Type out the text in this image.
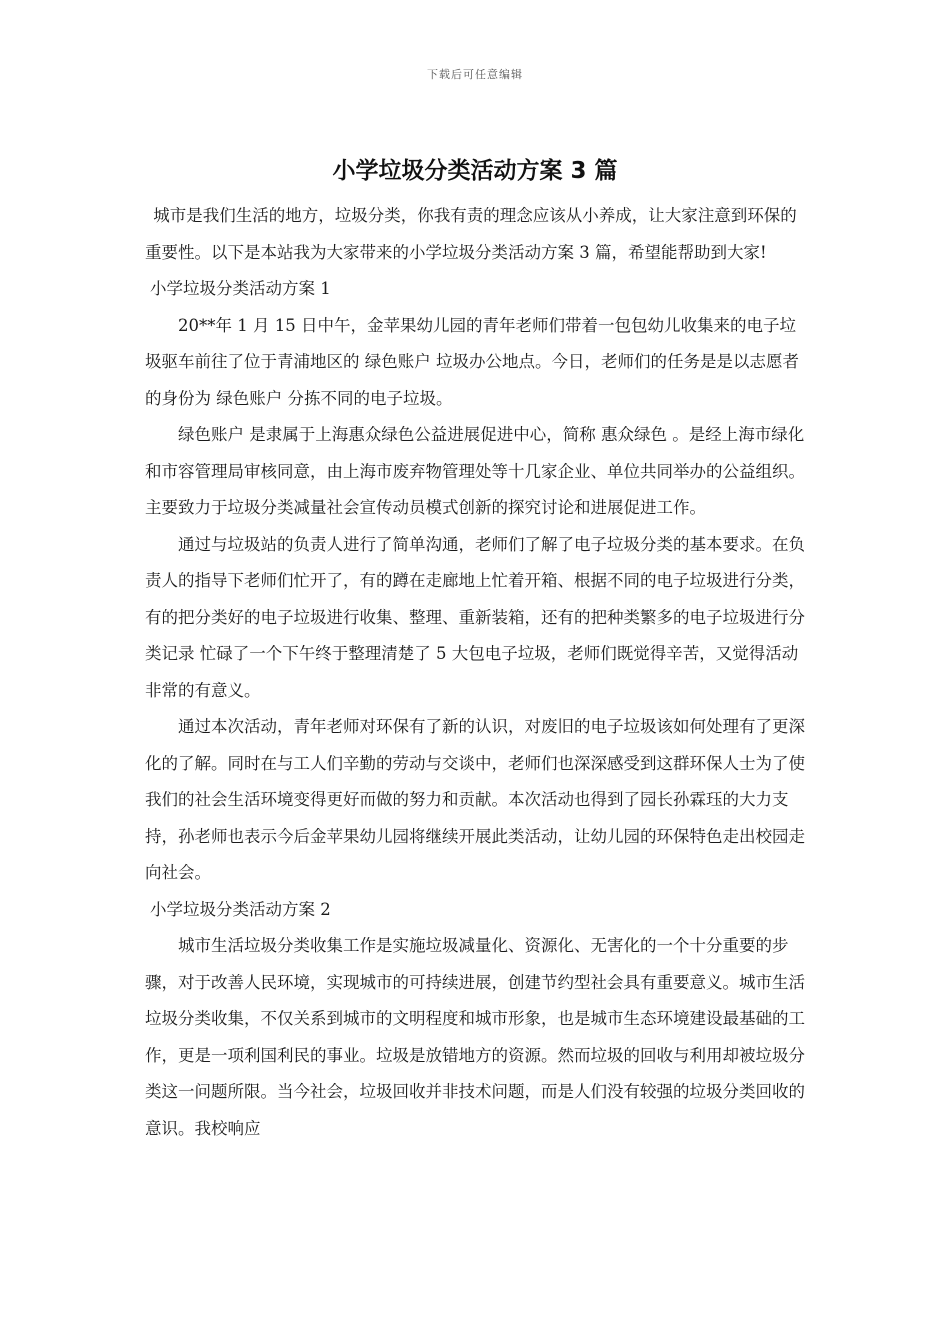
下载后可任意编辑
小学垃圾分类活动方案 3 篇

城市是我们生活的地方，垃圾分类，你我有责的理念应该从小养成，让大家注意到环保的重要性。以下是本站我为大家带来的小学垃圾分类活动方案 3 篇，希望能帮助到大家!

小学垃圾分类活动方案 1

20**年 1 月 15 日中午，金苹果幼儿园的青年老师们带着一包包幼儿收集来的电子垃圾驱车前往了位于青浦地区的 绿色账户 垃圾办公地点。今日，老师们的任务是是以志愿者的身份为 绿色账户 分拣不同的电子垃圾。

绿色账户 是隶属于上海惠众绿色公益进展促进中心，简称 惠众绿色 。是经上海市绿化和市容管理局审核同意，由上海市废弃物管理处等十几家企业、单位共同举办的公益组织。主要致力于垃圾分类减量社会宣传动员模式创新的探究讨论和进展促进工作。

通过与垃圾站的负责人进行了简单沟通，老师们了解了电子垃圾分类的基本要求。在负责人的指导下老师们忙开了，有的蹲在走廊地上忙着开箱、根据不同的电子垃圾进行分类，有的把分类好的电子垃圾进行收集、整理、重新装箱，还有的把种类繁多的电子垃圾进行分类记录 忙碌了一个下午终于整理清楚了 5 大包电子垃圾，老师们既觉得辛苦，又觉得活动非常的有意义。

通过本次活动，青年老师对环保有了新的认识，对废旧的电子垃圾该如何处理有了更深化的了解。同时在与工人们辛勤的劳动与交谈中，老师们也深深感受到这群环保人士为了使我们的社会生活环境变得更好而做的努力和贡献。本次活动也得到了园长孙霖珏的大力支持，孙老师也表示今后金苹果幼儿园将继续开展此类活动，让幼儿园的环保特色走出校园走向社会。

小学垃圾分类活动方案 2

城市生活垃圾分类收集工作是实施垃圾减量化、资源化、无害化的一个十分重要的步骤，对于改善人民环境，实现城市的可持续进展，创建节约型社会具有重要意义。城市生活垃圾分类收集，不仅关系到城市的文明程度和城市形象，也是城市生态环境建设最基础的工作，更是一项利国利民的事业。垃圾是放错地方的资源。然而垃圾的回收与利用却被垃圾分类这一问题所限。当今社会，垃圾回收并非技术问题，而是人们没有较强的垃圾分类回收的意识。我校响应
